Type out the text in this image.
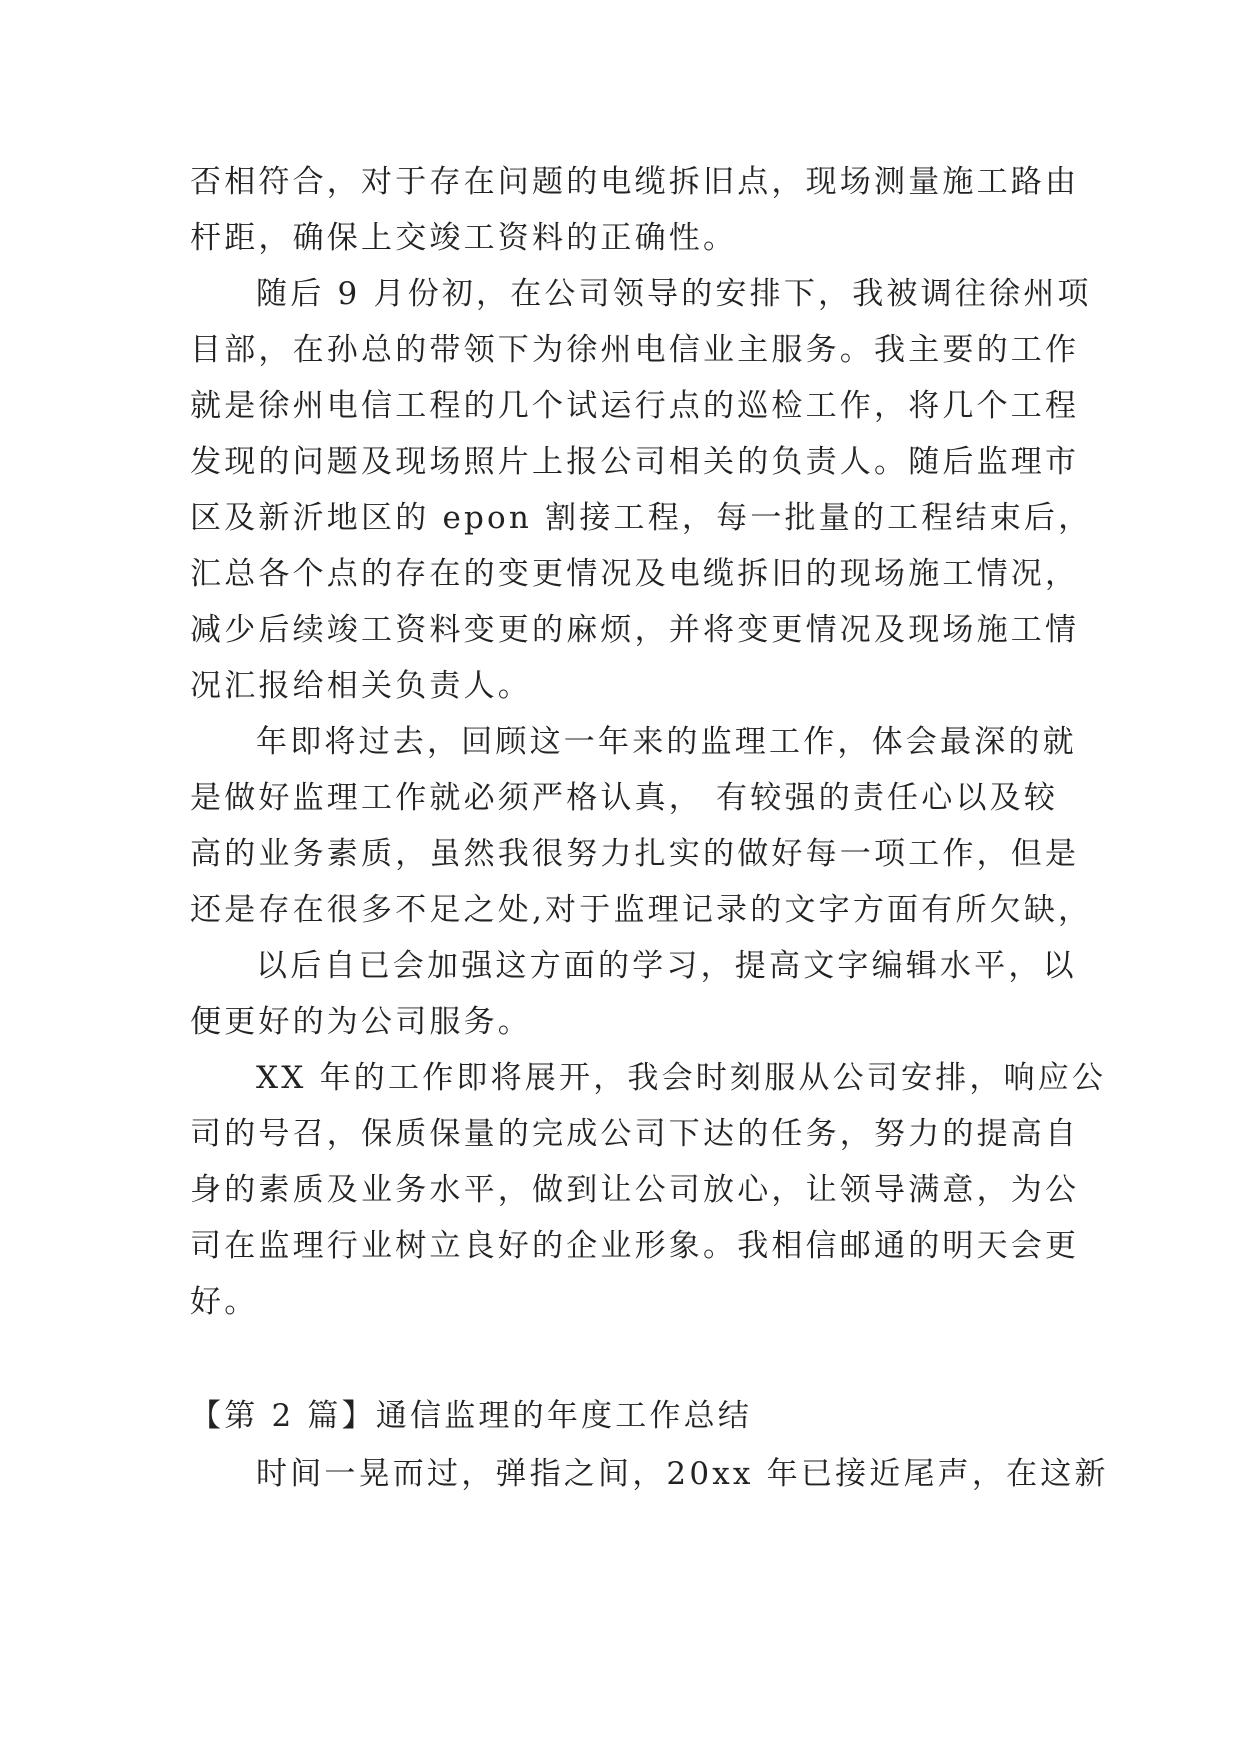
否相符合，对于存在问题的电缆拆旧点，现场测量施工路由
杆距，确保上交竣工资料的正确性。
随后 9 月份初，在公司领导的安排下，我被调往徐州项
目部，在孙总的带领下为徐州电信业主服务。我主要的工作
就是徐州电信工程的几个试运行点的巡检工作，将几个工程
发现的问题及现场照片上报公司相关的负责人。随后监理市
区及新沂地区的 epon 割接工程，每一批量的工程结束后，
汇总各个点的存在的变更情况及电缆拆旧的现场施工情况，
减少后续竣工资料变更的麻烦，并将变更情况及现场施工情
况汇报给相关负责人。
年即将过去，回顾这一年来的监理工作，体会最深的就
是做好监理工作就必须严格认真， 有较强的责任心以及较
高的业务素质，虽然我很努力扎实的做好每一项工作，但是
还是存在很多不足之处,对于监理记录的文字方面有所欠缺，
以后自已会加强这方面的学习，提高文字编辑水平，以
便更好的为公司服务。
XX 年的工作即将展开，我会时刻服从公司安排，响应公
司的号召，保质保量的完成公司下达的任务，努力的提高自
身的素质及业务水平，做到让公司放心，让领导满意，为公
司在监理行业树立良好的企业形象。我相信邮通的明天会更
好。
【第 2 篇】通信监理的年度工作总结
时间一晃而过，弹指之间，20xx 年已接近尾声，在这新
